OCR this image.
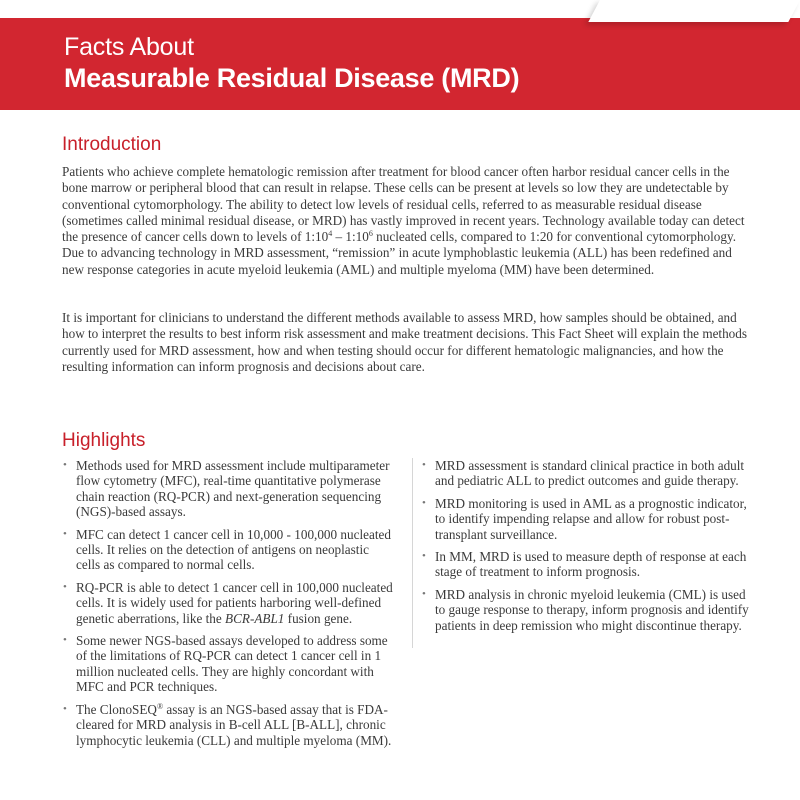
Facts About
Measurable Residual Disease (MRD)
Introduction

Patients who achieve complete hematologic remission after treatment for blood cancer often harbor residual cancer cells in the bone marrow or peripheral blood that can result in relapse. These cells can be present at levels so low they are undetectable by conventional cytomorphology. The ability to detect low levels of residual cells, referred to as measurable residual disease (sometimes called minimal residual disease, or MRD) has vastly improved in recent years. Technology available today can detect the presence of cancer cells down to levels of $1:10^4$ – $1:10^6$ nucleated cells, compared to 1:20 for conventional cytomorphology. Due to advancing technology in MRD assessment, “remission” in acute lymphoblastic leukemia (ALL) has been redefined and new response categories in acute myeloid leukemia (AML) and multiple myeloma (MM) have been determined.

It is important for clinicians to understand the different methods available to assess MRD, how samples should be obtained, and how to interpret the results to best inform risk assessment and make treatment decisions. This Fact Sheet will explain the methods currently used for MRD assessment, how and when testing should occur for different hematologic malignancies, and how the resulting information can inform prognosis and decisions about care.

Highlights
• Methods used for MRD assessment include multiparameter flow cytometry (MFC), real-time quantitative polymerase chain reaction (RQ-PCR) and next-generation sequencing (NGS)-based assays.
• MFC can detect 1 cancer cell in 10,000 - 100,000 nucleated cells. It relies on the detection of antigens on neoplastic cells as compared to normal cells.
• RQ-PCR is able to detect 1 cancer cell in 100,000 nucleated cells. It is widely used for patients harboring well-defined genetic aberrations, like the BCR-ABL1 fusion gene.
• Some newer NGS-based assays developed to address some of the limitations of RQ-PCR can detect 1 cancer cell in 1 million nucleated cells. They are highly concordant with MFC and PCR techniques.
• The ClonoSEQ® assay is an NGS-based assay that is FDA-cleared for MRD analysis in B-cell ALL [B-ALL], chronic lymphocytic leukemia (CLL) and multiple myeloma (MM).
• MRD assessment is standard clinical practice in both adult and pediatric ALL to predict outcomes and guide therapy.
• MRD monitoring is used in AML as a prognostic indicator, to identify impending relapse and allow for robust post-transplant surveillance.
• In MM, MRD is used to measure depth of response at each stage of treatment to inform prognosis.
• MRD analysis in chronic myeloid leukemia (CML) is used to gauge response to therapy, inform prognosis and identify patients in deep remission who might discontinue therapy.
